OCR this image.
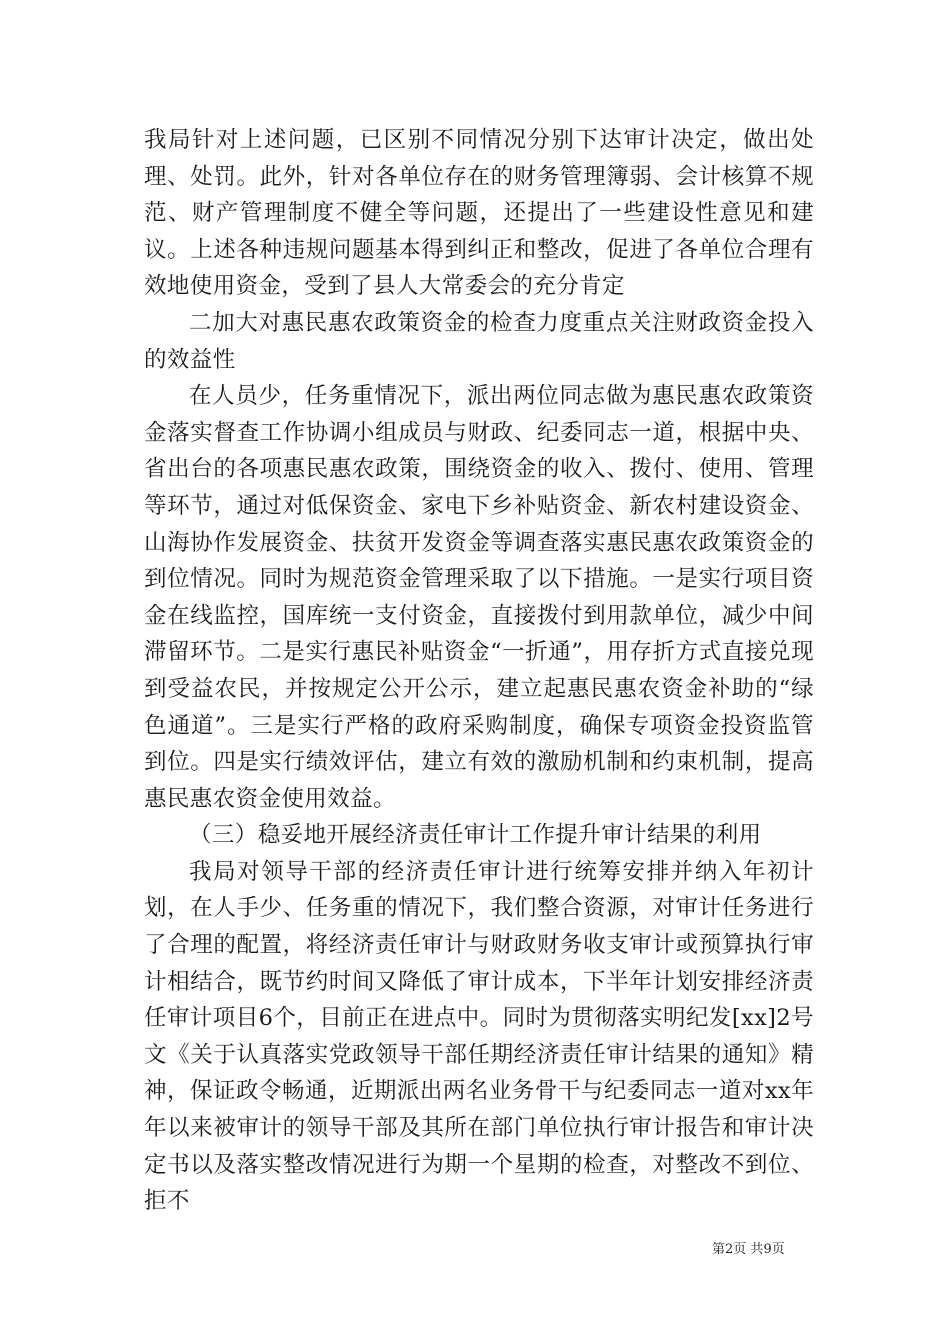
我局针对上述问题，已区别不同情况分别下达审计决定，做出处理、处罚。此外，针对各单位存在的财务管理簿弱、会计核算不规范、财产管理制度不健全等问题，还提出了一些建设性意见和建议。上述各种违规问题基本得到纠正和整改，促进了各单位合理有效地使用资金，受到了县人大常委会的充分肯定

二加大对惠民惠农政策资金的检查力度重点关注财政资金投入的效益性

在人员少，任务重情况下，派出两位同志做为惠民惠农政策资金落实督查工作协调小组成员与财政、纪委同志一道，根据中央、省出台的各项惠民惠农政策，围绕资金的收入、拨付、使用、管理等环节，通过对低保资金、家电下乡补贴资金、新农村建设资金、山海协作发展资金、扶贫开发资金等调查落实惠民惠农政策资金的到位情况。同时为规范资金管理采取了以下措施。一是实行项目资金在线监控，国库统一支付资金，直接拨付到用款单位，减少中间滞留环节。二是实行惠民补贴资金“一折通”，用存折方式直接兑现到受益农民，并按规定公开公示，建立起惠民惠农资金补助的“绿色通道”。三是实行严格的政府采购制度，确保专项资金投资监管到位。四是实行绩效评估，建立有效的激励机制和约束机制，提高惠民惠农资金使用效益。

（三）稳妥地开展经济责任审计工作提升审计结果的利用

我局对领导干部的经济责任审计进行统筹安排并纳入年初计划，在人手少、任务重的情况下，我们整合资源，对审计任务进行了合理的配置，将经济责任审计与财政财务收支审计或预算执行审计相结合，既节约时间又降低了审计成本，下半年计划安排经济责任审计项目6个，目前正在进点中。同时为贯彻落实明纪发[xx]2号文《关于认真落实党政领导干部任期经济责任审计结果的通知》精神，保证政令畅通，近期派出两名业务骨干与纪委同志一道对xx年年以来被审计的领导干部及其所在部门单位执行审计报告和审计决定书以及落实整改情况进行为期一个星期的检查，对整改不到位、拒不

第2页 共9页
